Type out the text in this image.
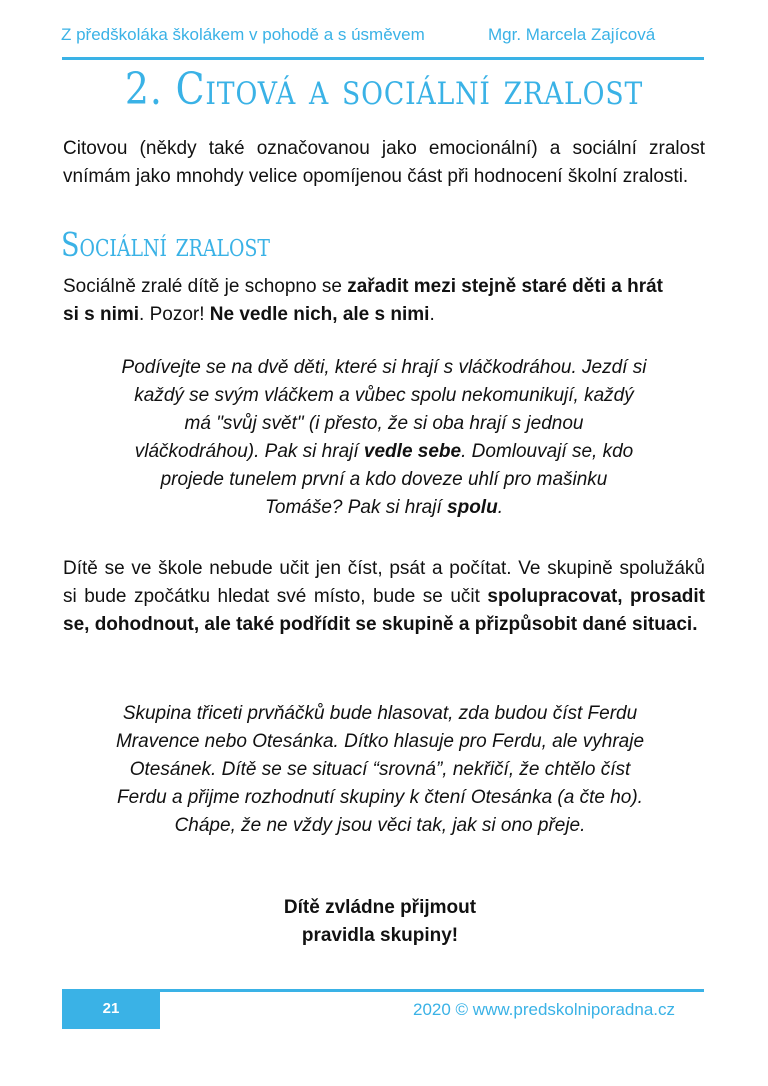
Z předškoláka školákem v pohodě a s úsměvem	Mgr. Marcela Zajícová
2. Citová a sociální zralost
Citovou (někdy také označovanou jako emocionální) a sociální zralost vnímám jako mnohdy velice opomíjenou část při hodnocení školní zralosti.
Sociální zralost
Sociálně zralé dítě je schopno se zařadit mezi stejně staré děti a hrát si s nimi. Pozor! Ne vedle nich, ale s nimi.
Podívejte se na dvě děti, které si hrají s vláčkodráhou. Jezdí si každý se svým vláčkem a vůbec spolu nekomunikují, každý má "svůj svět" (i přesto, že si oba hrají s jednou vláčkodráhou). Pak si hrají vedle sebe. Domlouvají se, kdo projede tunelem první a kdo doveze uhlí pro mašinku Tomáše? Pak si hrají spolu.
Dítě se ve škole nebude učit jen číst, psát a počítat. Ve skupině spolužáků si bude zpočátku hledat své místo, bude se učit spolupracovat, prosadit se, dohodnout, ale také podřídit se skupině a přizpůsobit dané situaci.
Skupina třiceti prvňáčků bude hlasovat, zda budou číst Ferdu Mravence nebo Otesánka. Dítko hlasuje pro Ferdu, ale vyhraje Otesánek. Dítě se se situací “srovná”, nekřičí, že chtělo číst Ferdu a přijme rozhodnutí skupiny k čtení Otesánka (a čte ho). Chápe, že ne vždy jsou věci tak, jak si ono přeje.
Dítě zvládne přijmout
pravidla skupiny!
21	2020 © www.predskolniporadna.cz
